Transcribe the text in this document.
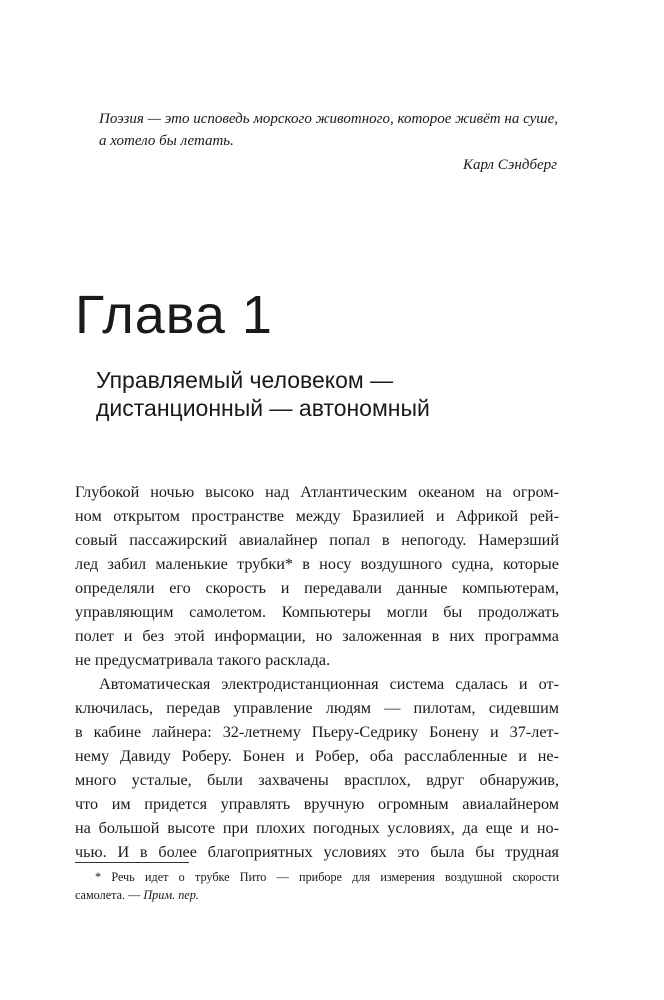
Поэзия — это исповедь морского животного, которое живёт на суше,
а хотело бы летать.
Карл Сэндберг
Глава 1
Управляемый человеком —
дистанционный — автономный
Глубокой ночью высоко над Атлантическим океаном на огром-
ном открытом пространстве между Бразилией и Африкой рей-
совый пассажирский авиалайнер попал в непогоду. Намерзший
лед забил маленькие трубки* в носу воздушного судна, которые
определяли его скорость и передавали данные компьютерам,
управляющим самолетом. Компьютеры могли бы продолжать
полет и без этой информации, но заложенная в них программа
не предусматривала такого расклада.
Автоматическая электродистанционная система сдалась и от-
ключилась, передав управление людям — пилотам, сидевшим
в кабине лайнера: 32-летнему Пьеру-Седрику Бонену и 37-лет-
нему Давиду Роберу. Бонен и Робер, оба расслабленные и не-
много усталые, были захвачены врасплох, вдруг обнаружив,
что им придется управлять вручную огромным авиалайнером
на большой высоте при плохих погодных условиях, да еще и но-
чью. И в более благоприятных условиях это была бы трудная
* Речь идет о трубке Пито — приборе для измерения воздушной скорости
самолета. — Прим. пер.
